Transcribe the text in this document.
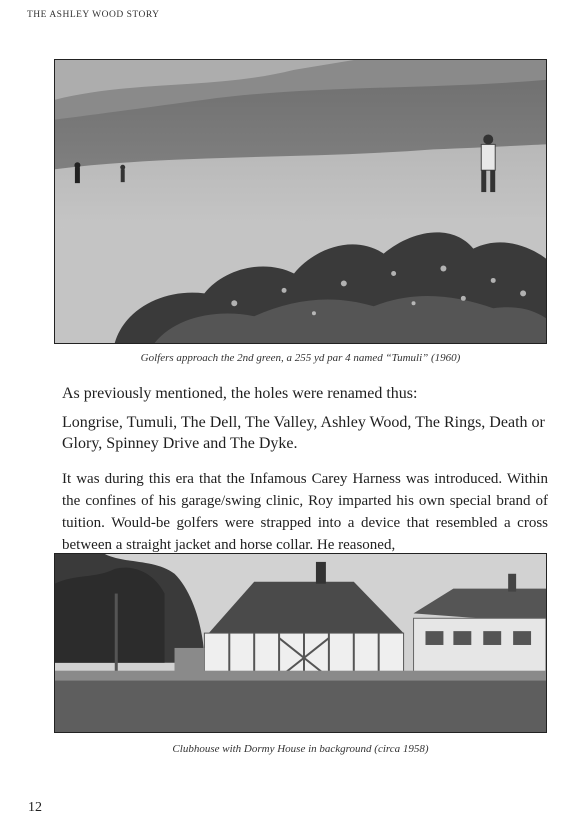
THE ASHLEY WOOD STORY
Golfers approach the 2nd green, a 255 yd par 4 named “Tumuli” (1960)

As previously mentioned, the holes were renamed thus:

Longrise, Tumuli, The Dell, The Valley, Ashley Wood, The Rings, Death or Glory, Spinney Drive and The Dyke.

It was during this era that the Infamous Carey Harness was introduced. Within the confines of his garage/swing clinic, Roy imparted his own special brand of tuition. Would-be golfers were strapped into a device that resembled a cross between a straight jacket and horse collar. He reasoned,

Clubhouse with Dormy House in background (circa 1958)
12
